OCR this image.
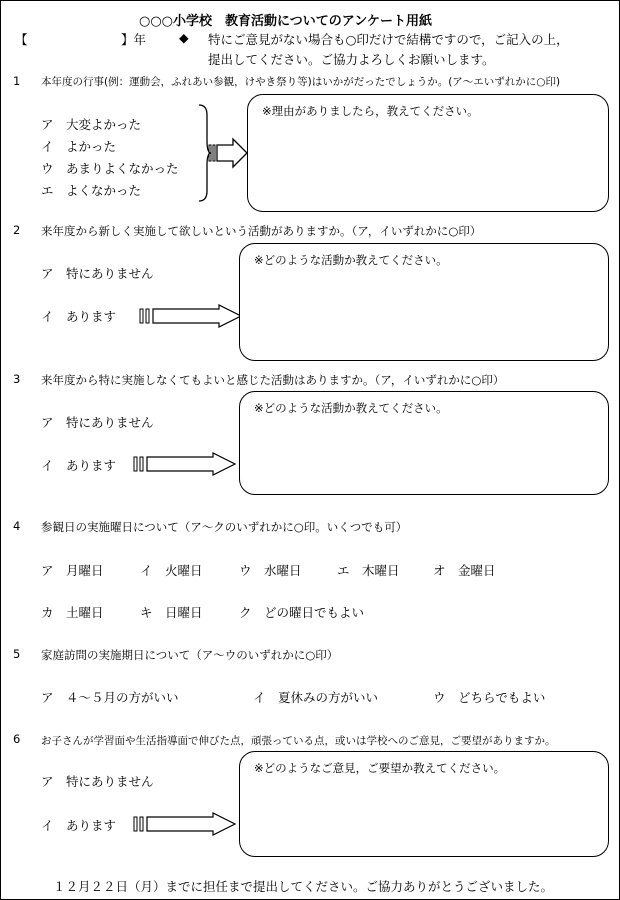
○○○小学校　教育活動についてのアンケート用紙
【	】年	◆ 特にご意見がない場合も○印だけで結構ですので，ご記入の上，
提出してください。ご協力よろしくお願いします。
1 本年度の行事(例：運動会，ふれあい参観，けやき祭り等)はいかがだったでしょうか。(ア～エいずれかに○印)
ア　大変よかった
イ　よかった
ウ　あまりよくなかった
エ　よくなかった
※理由がありましたら，教えてください。
2 来年度から新しく実施して欲しいという活動がありますか。（ア，イいずれかに○印）
ア　特にありません
イ　あります
※どのような活動か教えてください。
3 来年度から特に実施しなくてもよいと感じた活動はありますか。（ア，イいずれかに○印）
ア　特にありません
イ　あります
※どのような活動か教えてください。
4 参観日の実施曜日について（ア～クのいずれかに○印。いくつでも可）
ア　月曜日	イ　火曜日	ウ　水曜日	エ　木曜日	オ　金曜日
カ　土曜日	キ　日曜日	ク　どの曜日でもよい
5 家庭訪問の実施期日について（ア～ウのいずれかに○印）
ア　４～５月の方がいい	イ　夏休みの方がいい	ウ　どちらでもよい
6 お子さんが学習面や生活指導面で伸びた点，頑張っている点，或いは学校へのご意見，ご要望がありますか。
ア　特にありません
イ　あります
※どのようなご意見，ご要望か教えてください。
１２月２２日（月）までに担任まで提出してください。ご協力ありがとうございました。
